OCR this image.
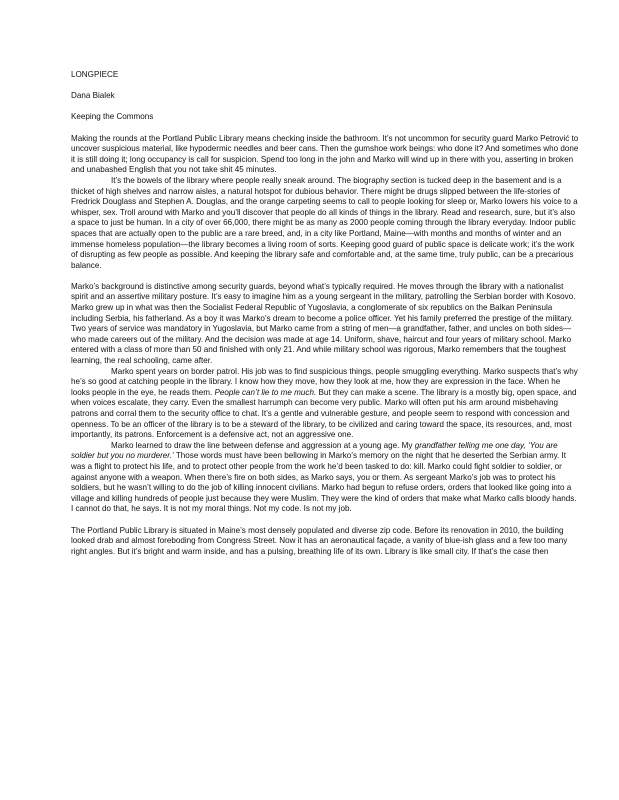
LONGPIECE
Dana Bialek
Keeping the Commons

Making the rounds at the Portland Public Library means checking inside the bathroom. It’s not uncommon for security guard Marko Petrović to uncover suspicious material, like hypodermic needles and beer cans. Then the gumshoe work beings: who done it? And sometimes who done it is still doing it; long occupancy is call for suspicion. Spend too long in the john and Marko will wind up in there with you, asserting in broken and unabashed English that you not take shit 45 minutes.

It’s the bowels of the library where people really sneak around. The biography section is tucked deep in the basement and is a thicket of high shelves and narrow aisles, a natural hotspot for dubious behavior. There might be drugs slipped between the life-stories of Fredrick Douglass and Stephen A. Douglas, and the orange carpeting seems to call to people looking for sleep or, Marko lowers his voice to a whisper, sex. Troll around with Marko and you’ll discover that people do all kinds of things in the library. Read and research, sure, but it’s also a space to just be human. In a city of over 66,000, there might be as many as 2000 people coming through the library everyday. Indoor public spaces that are actually open to the public are a rare breed, and, in a city like Portland, Maine—with months and months of winter and an immense homeless population—the library becomes a living room of sorts. Keeping good guard of public space is delicate work; it’s the work of disrupting as few people as possible. And keeping the library safe and comfortable and, at the same time, truly public, can be a precarious balance.

Marko’s background is distinctive among security guards, beyond what’s typically required. He moves through the library with a nationalist spirit and an assertive military posture. It’s easy to imagine him as a young sergeant in the military, patrolling the Serbian border with Kosovo. Marko grew up in what was then the Socialist Federal Republic of Yugoslavia, a conglomerate of six republics on the Balkan Peninsula including Serbia, his fatherland. As a boy it was Marko’s dream to become a police officer. Yet his family preferred the prestige of the military. Two years of service was mandatory in Yugoslavia, but Marko came from a string of men—a grandfather, father, and uncles on both sides—who made careers out of the military. And the decision was made at age 14. Uniform, shave, haircut and four years of military school. Marko entered with a class of more than 50 and finished with only 21. And while military school was rigorous, Marko remembers that the toughest learning, the real schooling, came after.

Marko spent years on border patrol. His job was to find suspicious things, people smuggling everything. Marko suspects that’s why he’s so good at catching people in the library. I know how they move, how they look at me, how they are expression in the face. When he looks people in the eye, he reads them. People can’t lie to me much. But they can make a scene. The library is a mostly big, open space, and when voices escalate, they carry. Even the smallest harrumph can become very public. Marko will often put his arm around misbehaving patrons and corral them to the security office to chat. It’s a gentle and vulnerable gesture, and people seem to respond with concession and openness. To be an officer of the library is to be a steward of the library, to be civilized and caring toward the space, its resources, and, most importantly, its patrons. Enforcement is a defensive act, not an aggressive one.

Marko learned to draw the line between defense and aggression at a young age. My grandfather telling me one day, ‘You are soldier but you no murderer.’ Those words must have been bellowing in Marko’s memory on the night that he deserted the Serbian army. It was a flight to protect his life, and to protect other people from the work he’d been tasked to do: kill. Marko could fight soldier to soldier, or against anyone with a weapon. When there’s fire on both sides, as Marko says, you or them. As sergeant Marko’s job was to protect his soldiers, but he wasn’t willing to do the job of killing innocent civilians. Marko had begun to refuse orders, orders that looked like going into a village and killing hundreds of people just because they were Muslim. They were the kind of orders that make what Marko calls bloody hands. I cannot do that, he says. It is not my moral things. Not my code. Is not my job.

The Portland Public Library is situated in Maine’s most densely populated and diverse zip code. Before its renovation in 2010, the building looked drab and almost foreboding from Congress Street. Now it has an aeronautical façade, a vanity of blue-ish glass and a few too many right angles. But it’s bright and warm inside, and has a pulsing, breathing life of its own. Library is like small city. If that’s the case then
